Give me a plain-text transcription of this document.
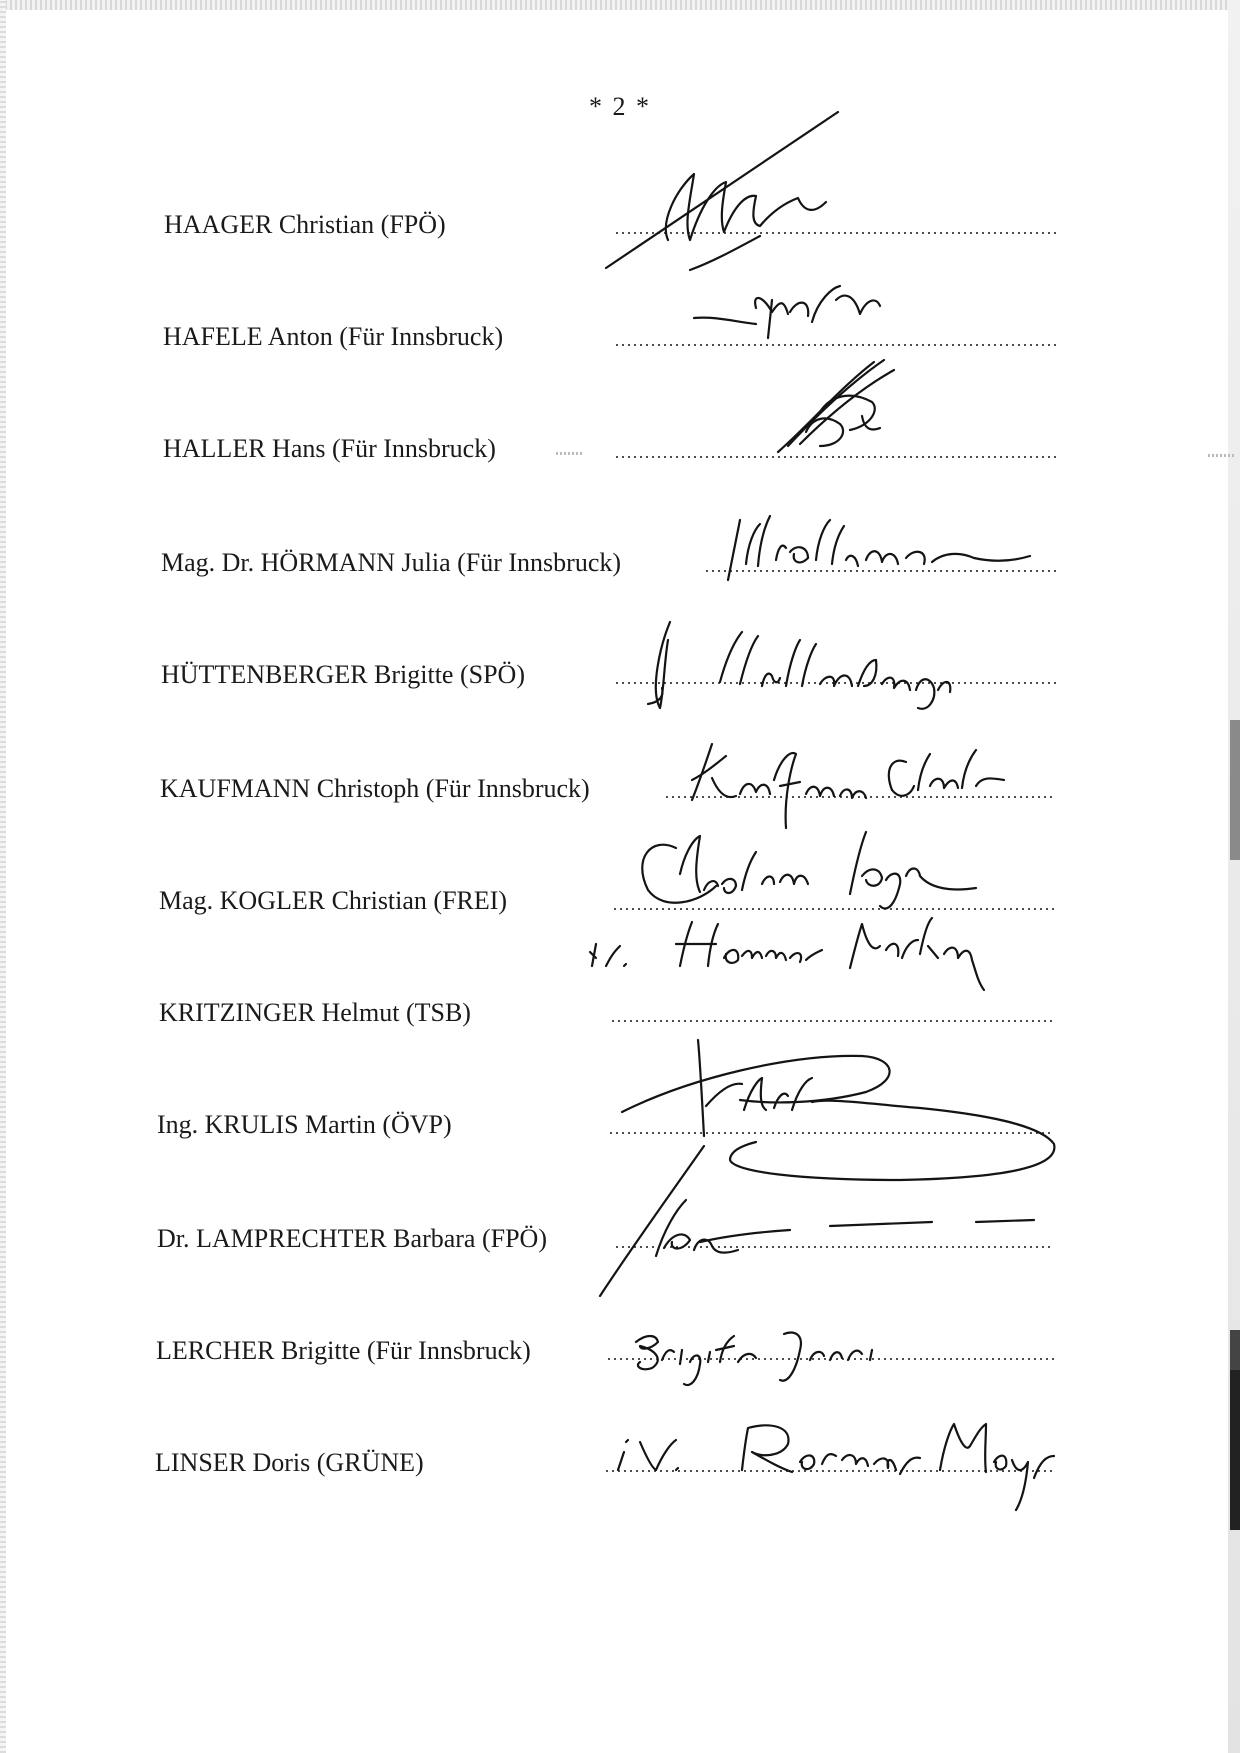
* 2 *
HAAGER Christian (FPÖ)
HAFELE Anton (Für Innsbruck)
HALLER Hans (Für Innsbruck)
Mag. Dr. HÖRMANN Julia (Für Innsbruck)
HÜTTENBERGER Brigitte (SPÖ)
KAUFMANN Christoph (Für Innsbruck)
Mag. KOGLER Christian (FREI)
KRITZINGER Helmut (TSB)
Ing. KRULIS Martin (ÖVP)
Dr. LAMPRECHTER Barbara (FPÖ)
LERCHER Brigitte (Für Innsbruck)
LINSER Doris (GRÜNE)
